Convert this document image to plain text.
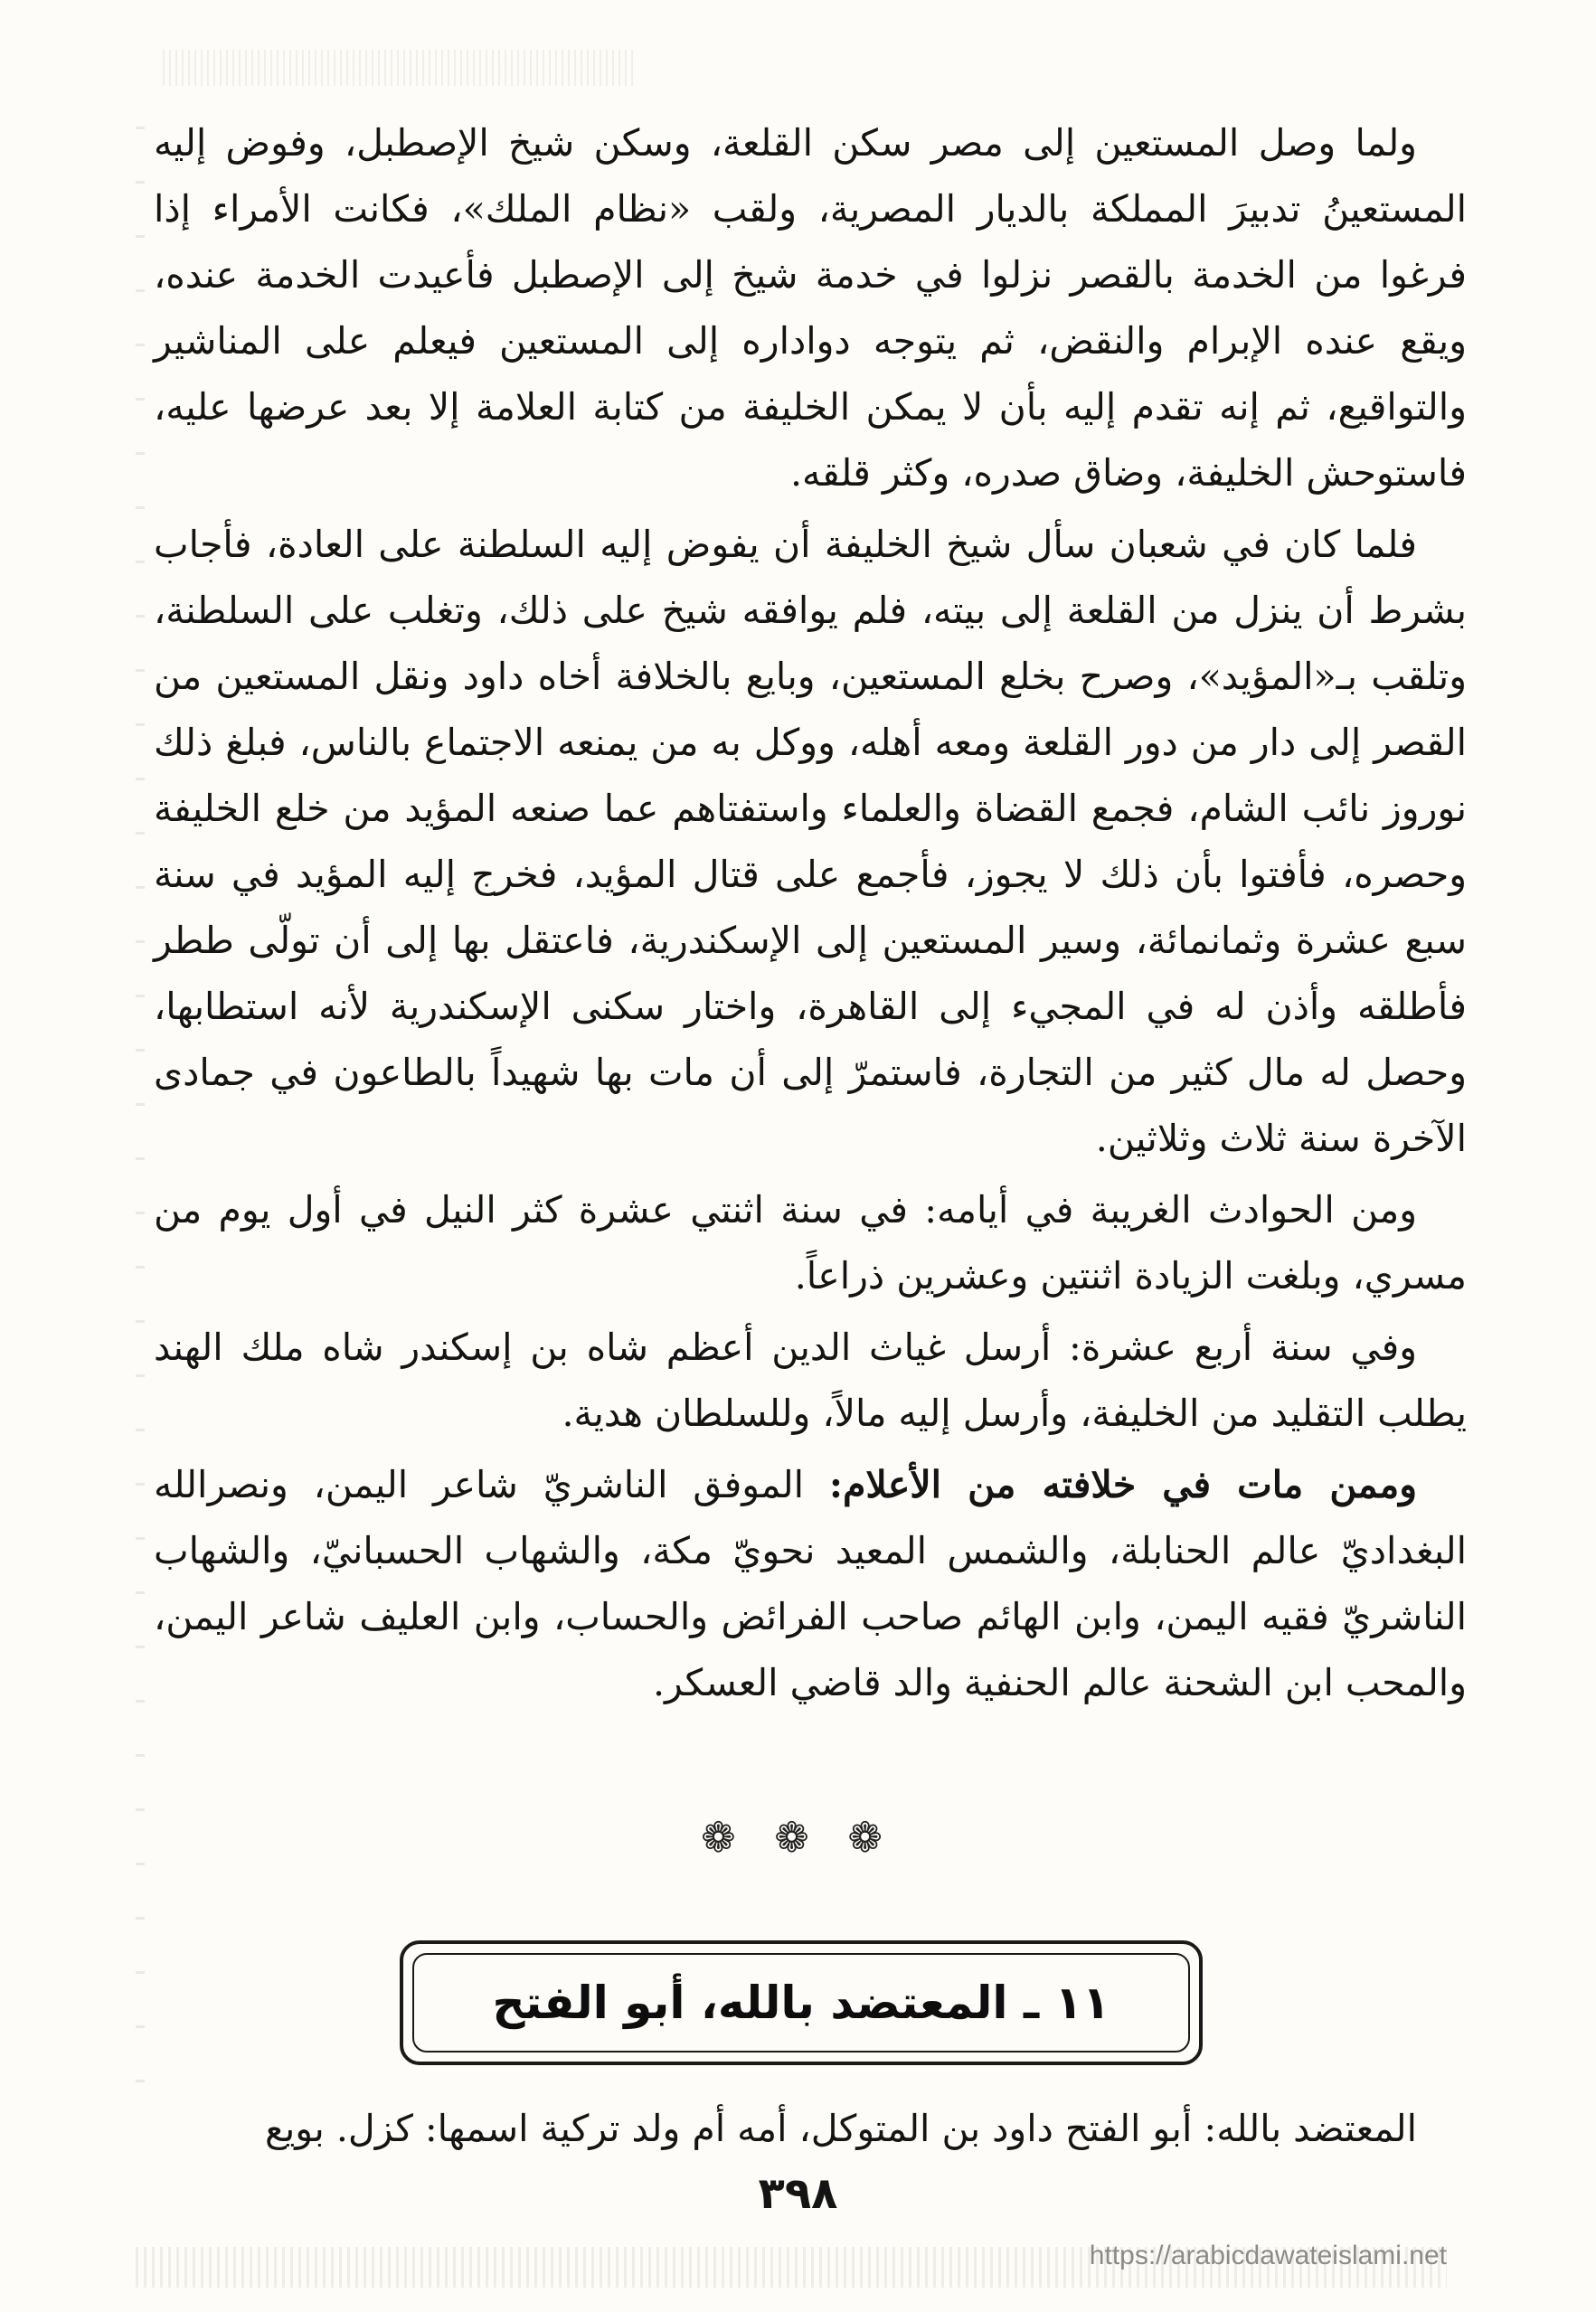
ولما وصل المستعين إلى مصر سكن القلعة، وسكن شيخ الإصطبل، وفوض إليه المستعينُ تدبيرَ المملكة بالديار المصرية، ولقب «نظام الملك»، فكانت الأمراء إذا فرغوا من الخدمة بالقصر نزلوا في خدمة شيخ إلى الإصطبل فأعيدت الخدمة عنده، ويقع عنده الإبرام والنقض، ثم يتوجه دواداره إلى المستعين فيعلم على المناشير والتواقيع، ثم إنه تقدم إليه بأن لا يمكن الخليفة من كتابة العلامة إلا بعد عرضها عليه، فاستوحش الخليفة، وضاق صدره، وكثر قلقه.

فلما كان في شعبان سأل شيخ الخليفة أن يفوض إليه السلطنة على العادة، فأجاب بشرط أن ينزل من القلعة إلى بيته، فلم يوافقه شيخ على ذلك، وتغلب على السلطنة، وتلقب بـ«المؤيد»، وصرح بخلع المستعين، وبايع بالخلافة أخاه داود ونقل المستعين من القصر إلى دار من دور القلعة ومعه أهله، ووكل به من يمنعه الاجتماع بالناس، فبلغ ذلك نوروز نائب الشام، فجمع القضاة والعلماء واستفتاهم عما صنعه المؤيد من خلع الخليفة وحصره، فأفتوا بأن ذلك لا يجوز، فأجمع على قتال المؤيد، فخرج إليه المؤيد في سنة سبع عشرة وثمانمائة، وسير المستعين إلى الإسكندرية، فاعتقل بها إلى أن تولّى ططر فأطلقه وأذن له في المجيء إلى القاهرة، واختار سكنى الإسكندرية لأنه استطابها، وحصل له مال كثير من التجارة، فاستمرّ إلى أن مات بها شهيداً بالطاعون في جمادى الآخرة سنة ثلاث وثلاثين.

ومن الحوادث الغريبة في أيامه: في سنة اثنتي عشرة كثر النيل في أول يوم من مسري، وبلغت الزيادة اثنتين وعشرين ذراعاً.

وفي سنة أربع عشرة: أرسل غياث الدين أعظم شاه بن إسكندر شاه ملك الهند يطلب التقليد من الخليفة، وأرسل إليه مالاً، وللسلطان هدية.

وممن مات في خلافته من الأعلام: الموفق الناشريّ شاعر اليمن، ونصرالله البغداديّ عالم الحنابلة، والشمس المعيد نحويّ مكة، والشهاب الحسبانيّ، والشهاب الناشريّ فقيه اليمن، وابن الهائم صاحب الفرائض والحساب، وابن العليف شاعر اليمن، والمحب ابن الشحنة عالم الحنفية والد قاضي العسكر.

❁ ❁ ❁
١١ ـ المعتضد بالله، أبو الفتح

المعتضد بالله: أبو الفتح داود بن المتوكل، أمه أم ولد تركية اسمها: كزل. بويع

٣٩٨
https://arabicdawateislami.net
